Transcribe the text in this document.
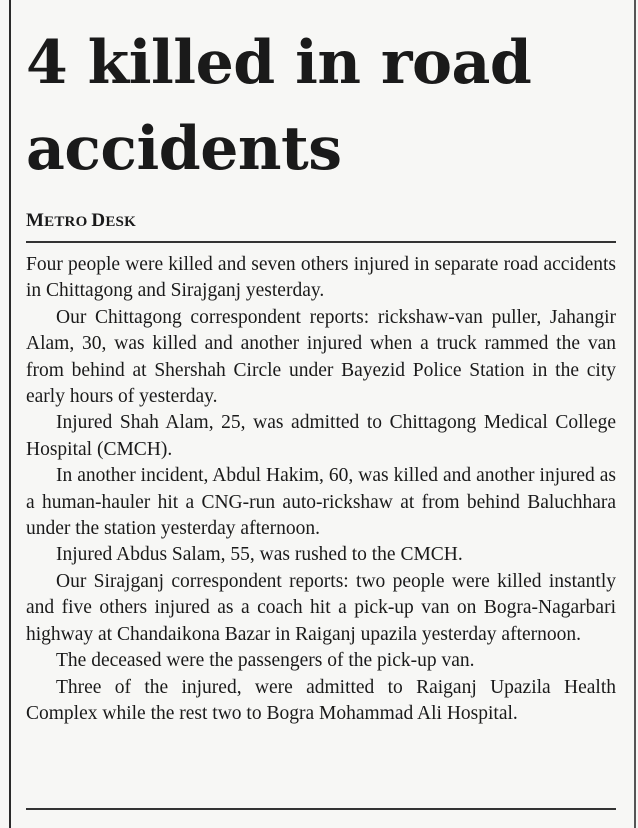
4 killed in road accidents
METRO DESK

Four people were killed and seven others injured in separate road accidents in Chittagong and Sirajganj yesterday.

Our Chittagong correspondent reports: rickshaw-van puller, Jahangir Alam, 30, was killed and another injured when a truck rammed the van from behind at Shershah Circle under Bayezid Police Station in the city early hours of yesterday.

Injured Shah Alam, 25, was admitted to Chittagong Medical College Hospital (CMCH).

In another incident, Abdul Hakim, 60, was killed and another injured as a human-hauler hit a CNG-run auto-rickshaw at from behind Baluchhara under the station yesterday afternoon.

Injured Abdus Salam, 55, was rushed to the CMCH.

Our Sirajganj correspondent reports: two people were killed instantly and five others injured as a coach hit a pick-up van on Bogra-Nagarbari highway at Chandaikona Bazar in Raiganj upazila yesterday afternoon.

The deceased were the passengers of the pick-up van.

Three of the injured, were admitted to Raiganj Upazila Health Complex while the rest two to Bogra Mohammad Ali Hospital.
